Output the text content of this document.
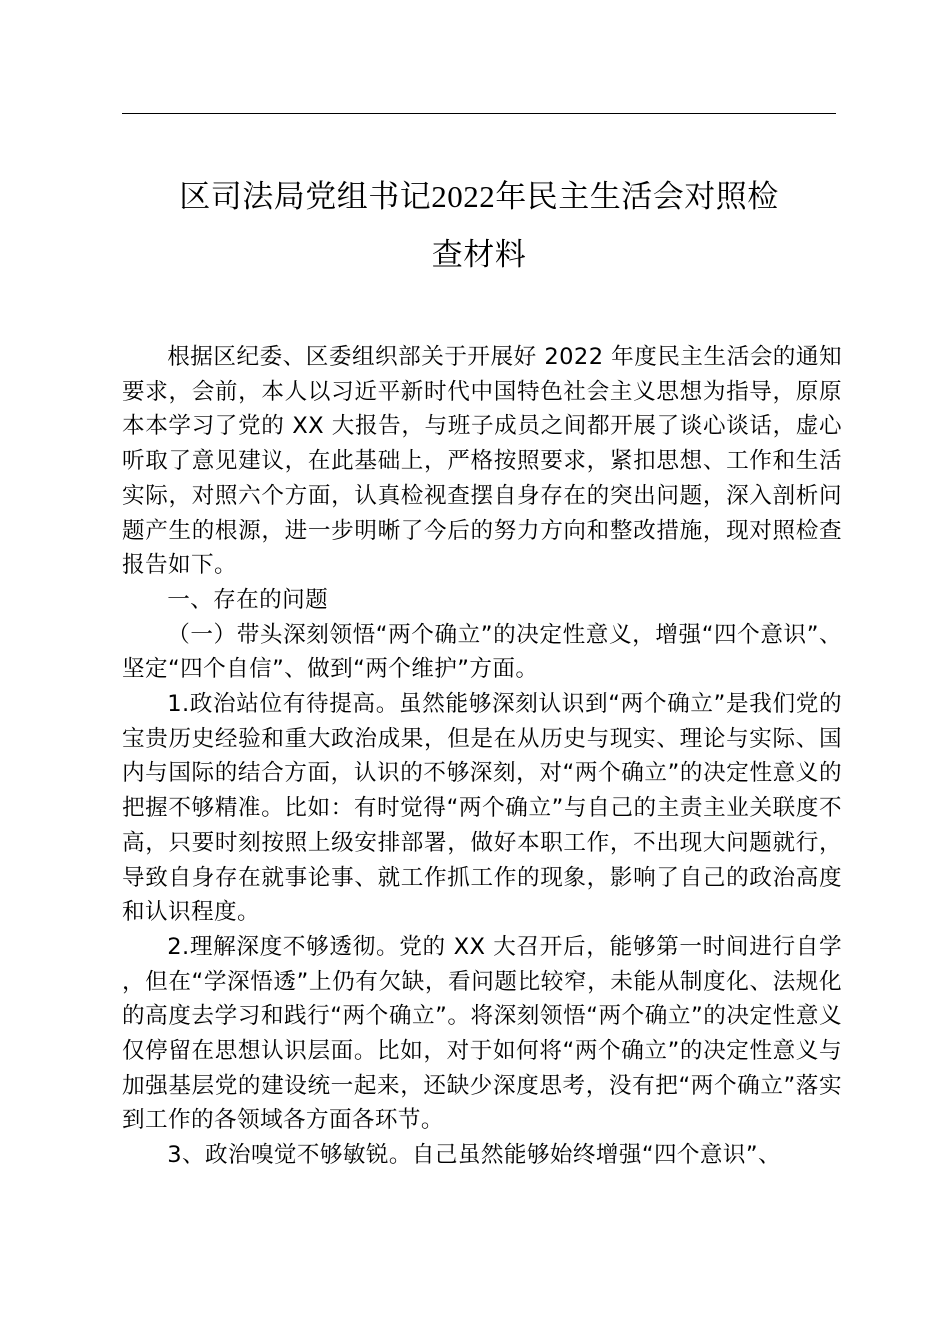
区司法局党组书记2022年民主生活会对照检
查材料

根据区纪委、区委组织部关于开展好 2022 年度民主生活会的通知要求，会前，本人以习近平新时代中国特色社会主义思想为指导，原原本本学习了党的 XX 大报告，与班子成员之间都开展了谈心谈话，虚心听取了意见建议，在此基础上，严格按照要求，紧扣思想、工作和生活实际，对照六个方面，认真检视查摆自身存在的突出问题，深入剖析问题产生的根源，进一步明晰了今后的努力方向和整改措施，现对照检查报告如下。

一、存在的问题

（一）带头深刻领悟“两个确立”的决定性意义，增强“四个意识”、坚定“四个自信”、做到“两个维护”方面。

1.政治站位有待提高。虽然能够深刻认识到“两个确立”是我们党的宝贵历史经验和重大政治成果，但是在从历史与现实、理论与实际、国内与国际的结合方面，认识的不够深刻，对“两个确立”的决定性意义的把握不够精准。比如：有时觉得“两个确立”与自己的主责主业关联度不高，只要时刻按照上级安排部署，做好本职工作，不出现大问题就行，导致自身存在就事论事、就工作抓工作的现象，影响了自己的政治高度和认识程度。

2.理解深度不够透彻。党的 XX 大召开后，能够第一时间进行自学，但在“学深悟透”上仍有欠缺，看问题比较窄，未能从制度化、法规化的高度去学习和践行“两个确立”。将深刻领悟“两个确立”的决定性意义仅停留在思想认识层面。比如，对于如何将“两个确立”的决定性意义与加强基层党的建设统一起来，还缺少深度思考，没有把“两个确立”落实到工作的各领域各方面各环节。

3、政治嗅觉不够敏锐。自己虽然能够始终增强“四个意识”、
